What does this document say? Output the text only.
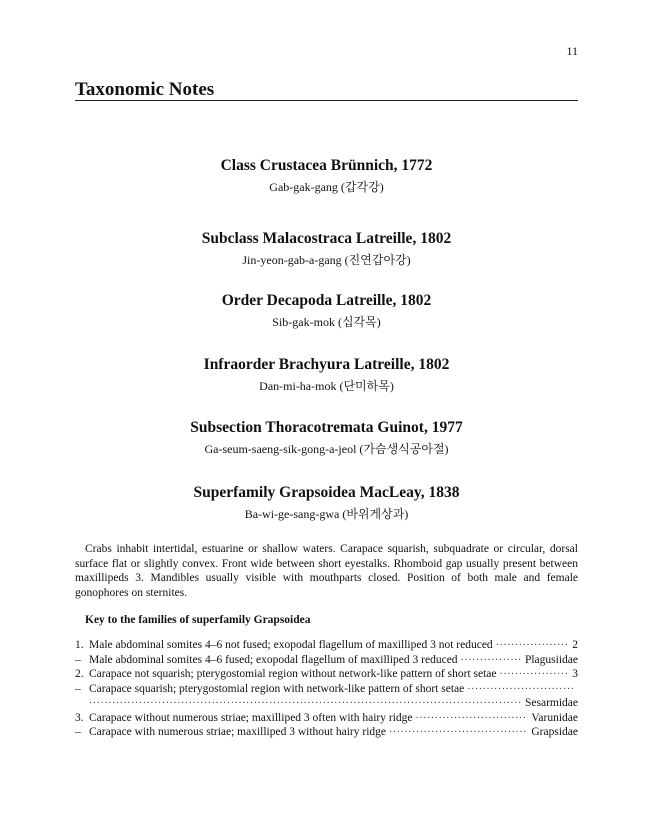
11
Taxonomic Notes
Class Crustacea Brünnich, 1772
Gab-gak-gang (갑각강)
Subclass Malacostraca Latreille, 1802
Jin-yeon-gab-a-gang (진연갑아강)
Order Decapoda Latreille, 1802
Sib-gak-mok (십각목)
Infraorder Brachyura Latreille, 1802
Dan-mi-ha-mok (단미하목)
Subsection Thoracotremata Guinot, 1977
Ga-seum-saeng-sik-gong-a-jeol (가슴생식공아절)
Superfamily Grapsoidea MacLeay, 1838
Ba-wi-ge-sang-gwa (바위게상과)

Crabs inhabit intertidal, estuarine or shallow waters. Carapace squarish, subquadrate or circular, dorsal surface flat or slightly convex. Front wide between short eyestalks. Rhomboid gap usually present between maxillipeds 3. Mandibles usually visible with mouthparts closed. Position of both male and female gonophores on sternites.

Key to the families of superfamily Grapsoidea
1. Male abdominal somites 4–6 not fused; exopodal flagellum of maxilliped 3 not reduced ·····	2
– Male abdominal somites 4–6 fused; exopodal flagellum of maxilliped 3 reduced ·····	Plagusiidae
2. Carapace not squarish; pterygostomial region without network-like pattern of short setae ·····	3
– Carapace squarish; pterygostomial region with network-like pattern of short setae
·····
·····
Sesarmidae
3. Carapace without numerous striae; maxilliped 3 often with hairy ridge ·····	Varunidae
– Carapace with numerous striae; maxilliped 3 without hairy ridge ·····	Grapsidae
